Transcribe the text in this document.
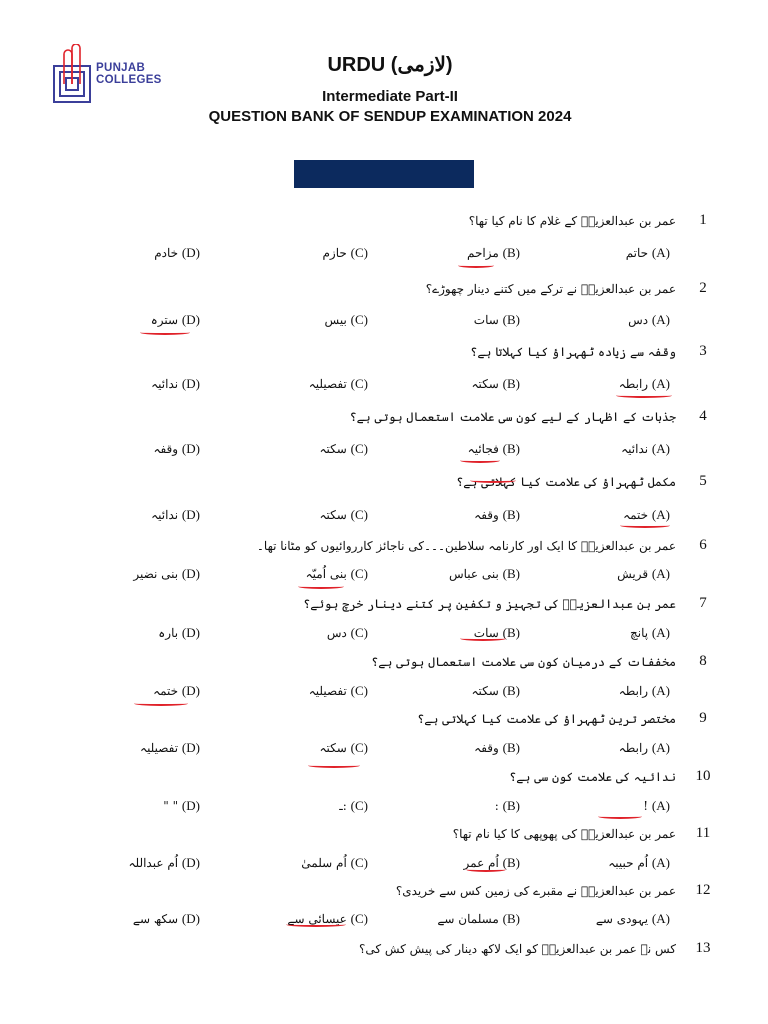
PUNJAB
COLLEGES
URDU (لازمی)
Intermediate Part-II
QUESTION BANK OF SENDUP EXAMINATION 2024
1
عمر بن عبدالعزیزؒ کے غلام کا نام کیا تھا؟
(A) حاتم
(B) مزاحم
(C) حازم
(D) خادم
2
عمر بن عبدالعزیزؒ نے ترکے میں کتنے دینار چھوڑے؟
(A) دس
(B) سات
(C) بیس
(D) سترہ
3
وقفہ سے زیادہ ٹھہراؤ کیا کہلاتا ہے؟
(A) رابطہ
(B) سکتہ
(C) تفصیلیہ
(D) ندائیہ
4
جذبات کے اظہار کے لیے کون سی علامت استعمال ہوتی ہے؟
(A) ندائیہ
(B) فجائیہ
(C) سکتہ
(D) وقفہ
5
مکمل ٹھہراؤ کی علامت کیا کہلاتی ہے؟
(A) ختمہ
(B) وقفہ
(C) سکتہ
(D) ندائیہ
6
عمر بن عبدالعزیزؒ کا ایک اور کارنامہ سلاطین۔۔۔کی ناجائز کارروائیوں کو مٹانا تھا۔
(A) قریش
(B) بنی عباس
(C) بنی اُمیّہ
(D) بنی نضیر
7
عمر بن عبدالعزیزؒ کی تجہیز و تکفین پر کتنے دینار خرچ ہوئے؟
(A) پانچ
(B) سات
(C) دس
(D) بارہ
8
مخففات کے درمیان کون سی علامت استعمال ہوتی ہے؟
(A) رابطہ
(B) سکتہ
(C) تفصیلیہ
(D) ختمہ
9
مختصر ترین ٹھہراؤ کی علامت کیا کہلاتی ہے؟
(A) رابطہ
(B) وقفہ
(C) سکتہ
(D) تفصیلیہ
10
ندائیہ کی علامت کون سی ہے؟
(A) !
(B) :
(C) :ـ
(D) " "
11
عمر بن عبدالعزیزؒ کی پھوپھی کا کیا نام تھا؟
(A) اُم حبیبہ
(B) اُم عمر
(C) اُم سلمیٰ
(D) اُم عبداللہ
12
عمر بن عبدالعزیزؒ نے مقبرے کی زمین کس سے خریدی؟
(A) یہودی سے
(B) مسلمان سے
(C) عیسائی سے
(D) سکھ سے
13
کس نے عمر بن عبدالعزیزؒ کو ایک لاکھ دینار کی پیش کش کی؟
